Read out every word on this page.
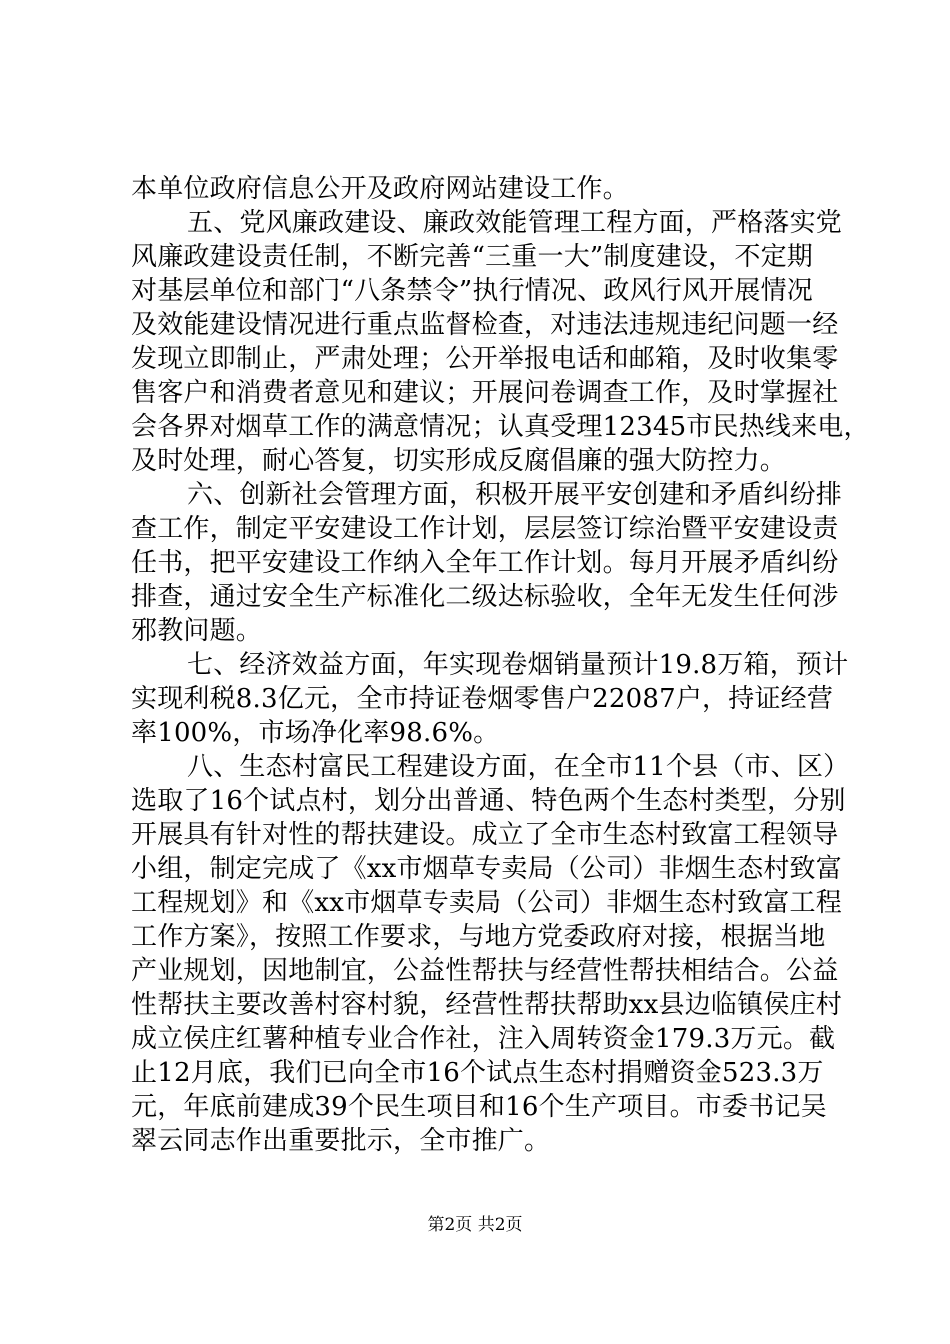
本单位政府信息公开及政府网站建设工作。
五、党风廉政建设、廉政效能管理工程方面，严格落实党
风廉政建设责任制，不断完善“三重一大”制度建设，不定期
对基层单位和部门“八条禁令”执行情况、政风行风开展情况
及效能建设情况进行重点监督检查，对违法违规违纪问题一经
发现立即制止，严肃处理；公开举报电话和邮箱，及时收集零
售客户和消费者意见和建议；开展问卷调查工作，及时掌握社
会各界对烟草工作的满意情况；认真受理12345市民热线来电，
及时处理，耐心答复，切实形成反腐倡廉的强大防控力。
六、创新社会管理方面，积极开展平安创建和矛盾纠纷排
查工作，制定平安建设工作计划，层层签订综治暨平安建设责
任书，把平安建设工作纳入全年工作计划。每月开展矛盾纠纷
排查，通过安全生产标准化二级达标验收，全年无发生任何涉
邪教问题。
七、经济效益方面，年实现卷烟销量预计19.8万箱，预计
实现利税8.3亿元，全市持证卷烟零售户22087户，持证经营
率100%，市场净化率98.6%。
八、生态村富民工程建设方面，在全市11个县（市、区）
选取了16个试点村，划分出普通、特色两个生态村类型，分别
开展具有针对性的帮扶建设。成立了全市生态村致富工程领导
小组，制定完成了《xx市烟草专卖局（公司）非烟生态村致富
工程规划》和《xx市烟草专卖局（公司）非烟生态村致富工程
工作方案》，按照工作要求，与地方党委政府对接，根据当地
产业规划，因地制宜，公益性帮扶与经营性帮扶相结合。公益
性帮扶主要改善村容村貌，经营性帮扶帮助xx县边临镇侯庄村
成立侯庄红薯种植专业合作社，注入周转资金179.3万元。截
止12月底，我们已向全市16个试点生态村捐赠资金523.3万
元，年底前建成39个民生项目和16个生产项目。市委书记吴
翠云同志作出重要批示，全市推广。
第2页 共2页
